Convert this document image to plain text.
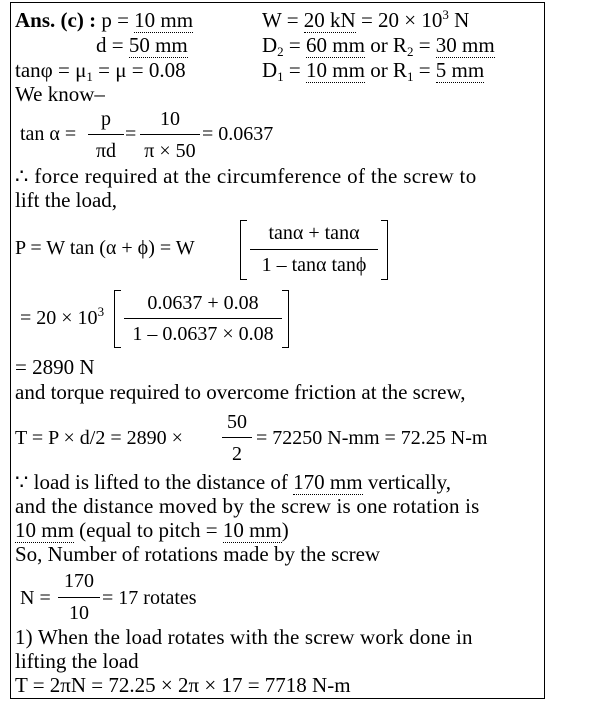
Ans. (c) : p = 10 mm	W = 20 kN = $20 \times 10^3$ N
d = 50 mm	$D_2 = 60$ mm or $R_2 = 30$ mm
$\tan\varphi = \mu_1 = \mu = 0.08$	$D_1 = 10$ mm or $R_1 = 5$ mm
We know–
tan α =
p
πd
=
10
π × 50
= 0.0637
∴ force required at the circumference of the screw to
lift the load,
P = W tan (α + ϕ) = W
tanα + tanα
1 – tanα tanϕ
= $20 \times 10^3$	0.0637 + 0.08
1 – 0.0637 × 0.08
= 2890 N
and torque required to overcome friction at the screw,
T = P × d/2 = 2890 ×
50
2
= 72250 N-mm = 72.25 N-m
∵ load is lifted to the distance of 170 mm vertically,
and the distance moved by the screw is one rotation is
10 mm (equal to pitch = 10 mm)
So, Number of rotations made by the screw
N =
170
10
= 17 rotates
1) When the load rotates with the screw work done in
lifting the load
T = 2πN = 72.25 × 2π × 17 = 7718 N-m
